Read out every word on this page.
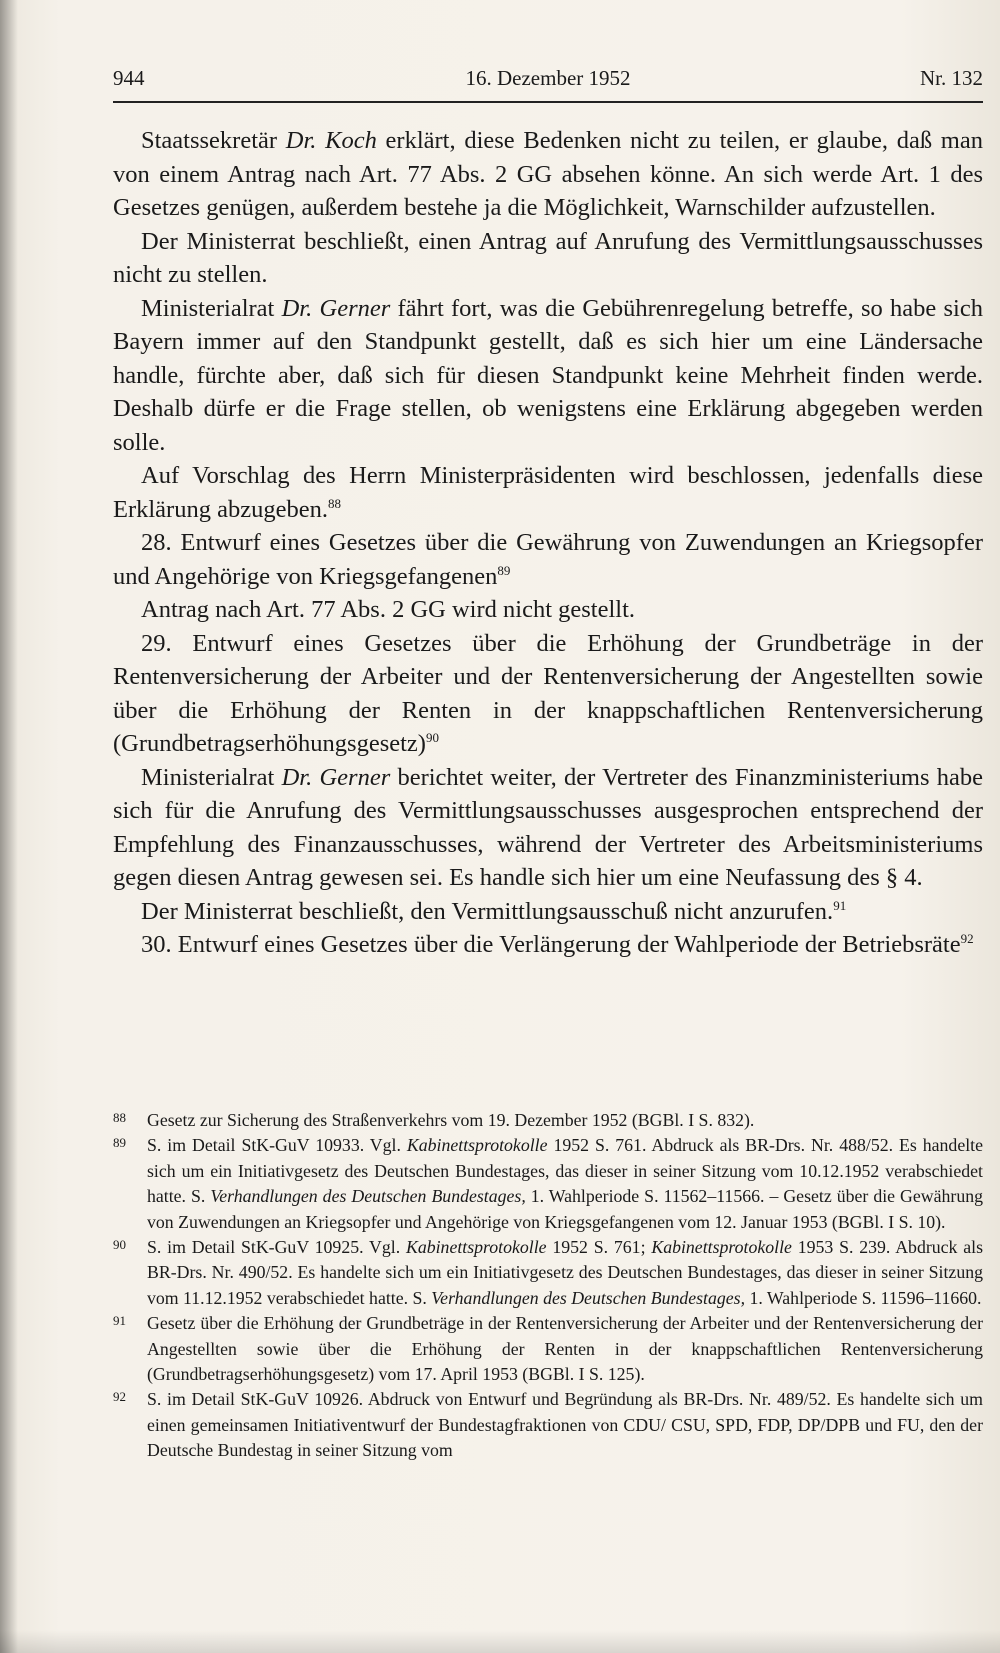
944	16. Dezember 1952	Nr. 132

Staatssekretär Dr. Koch erklärt, diese Bedenken nicht zu teilen, er glaube, daß man von einem Antrag nach Art. 77 Abs. 2 GG absehen könne. An sich werde Art. 1 des Gesetzes genügen, außerdem bestehe ja die Möglichkeit, Warnschilder aufzustellen.

Der Ministerrat beschließt, einen Antrag auf Anrufung des Vermittlungsausschusses nicht zu stellen.

Ministerialrat Dr. Gerner fährt fort, was die Gebührenregelung betreffe, so habe sich Bayern immer auf den Standpunkt gestellt, daß es sich hier um eine Ländersache handle, fürchte aber, daß sich für diesen Standpunkt keine Mehrheit finden werde. Deshalb dürfe er die Frage stellen, ob wenigstens eine Erklärung abgegeben werden solle.

Auf Vorschlag des Herrn Ministerpräsidenten wird beschlossen, jedenfalls diese Erklärung abzugeben.$^{88}$

28. Entwurf eines Gesetzes über die Gewährung von Zuwendungen an Kriegsopfer und Angehörige von Kriegsgefangenen$^{89}$

Antrag nach Art. 77 Abs. 2 GG wird nicht gestellt.

29. Entwurf eines Gesetzes über die Erhöhung der Grundbeträge in der Rentenversicherung der Arbeiter und der Rentenversicherung der Angestellten sowie über die Erhöhung der Renten in der knappschaftlichen Rentenversicherung (Grundbetragserhöhungsgesetz)$^{90}$

Ministerialrat Dr. Gerner berichtet weiter, der Vertreter des Finanzministeriums habe sich für die Anrufung des Vermittlungsausschusses ausgesprochen entsprechend der Empfehlung des Finanzausschusses, während der Vertreter des Arbeitsministeriums gegen diesen Antrag gewesen sei. Es handle sich hier um eine Neufassung des § 4.

Der Ministerrat beschließt, den Vermittlungsausschuß nicht anzurufen.$^{91}$

30. Entwurf eines Gesetzes über die Verlängerung der Wahlperiode der Betriebsräte$^{92}$

88 Gesetz zur Sicherung des Straßenverkehrs vom 19. Dezember 1952 (BGBl. I S. 832).

89 S. im Detail StK-GuV 10933. Vgl. Kabinettsprotokolle 1952 S. 761. Abdruck als BR-Drs. Nr. 488/52. Es handelte sich um ein Initiativgesetz des Deutschen Bundestages, das dieser in seiner Sitzung vom 10.12.1952 verabschiedet hatte. S. Verhandlungen des Deutschen Bundestages, 1. Wahlperiode S. 11562–11566. – Gesetz über die Gewährung von Zuwendungen an Kriegsopfer und Angehörige von Kriegsgefangenen vom 12. Januar 1953 (BGBl. I S. 10).

90 S. im Detail StK-GuV 10925. Vgl. Kabinettsprotokolle 1952 S. 761; Kabinettsprotokolle 1953 S. 239. Abdruck als BR-Drs. Nr. 490/52. Es handelte sich um ein Initiativgesetz des Deutschen Bundestages, das dieser in seiner Sitzung vom 11.12.1952 verabschiedet hatte. S. Verhandlungen des Deutschen Bundestages, 1. Wahlperiode S. 11596–11660.

91 Gesetz über die Erhöhung der Grundbeträge in der Rentenversicherung der Arbeiter und der Rentenversicherung der Angestellten sowie über die Erhöhung der Renten in der knappschaftlichen Rentenversicherung (Grundbetragserhöhungsgesetz) vom 17. April 1953 (BGBl. I S. 125).

92 S. im Detail StK-GuV 10926. Abdruck von Entwurf und Begründung als BR-Drs. Nr. 489/52. Es handelte sich um einen gemeinsamen Initiativentwurf der Bundestagfraktionen von CDU/ CSU, SPD, FDP, DP/DPB und FU, den der Deutsche Bundestag in seiner Sitzung vom
